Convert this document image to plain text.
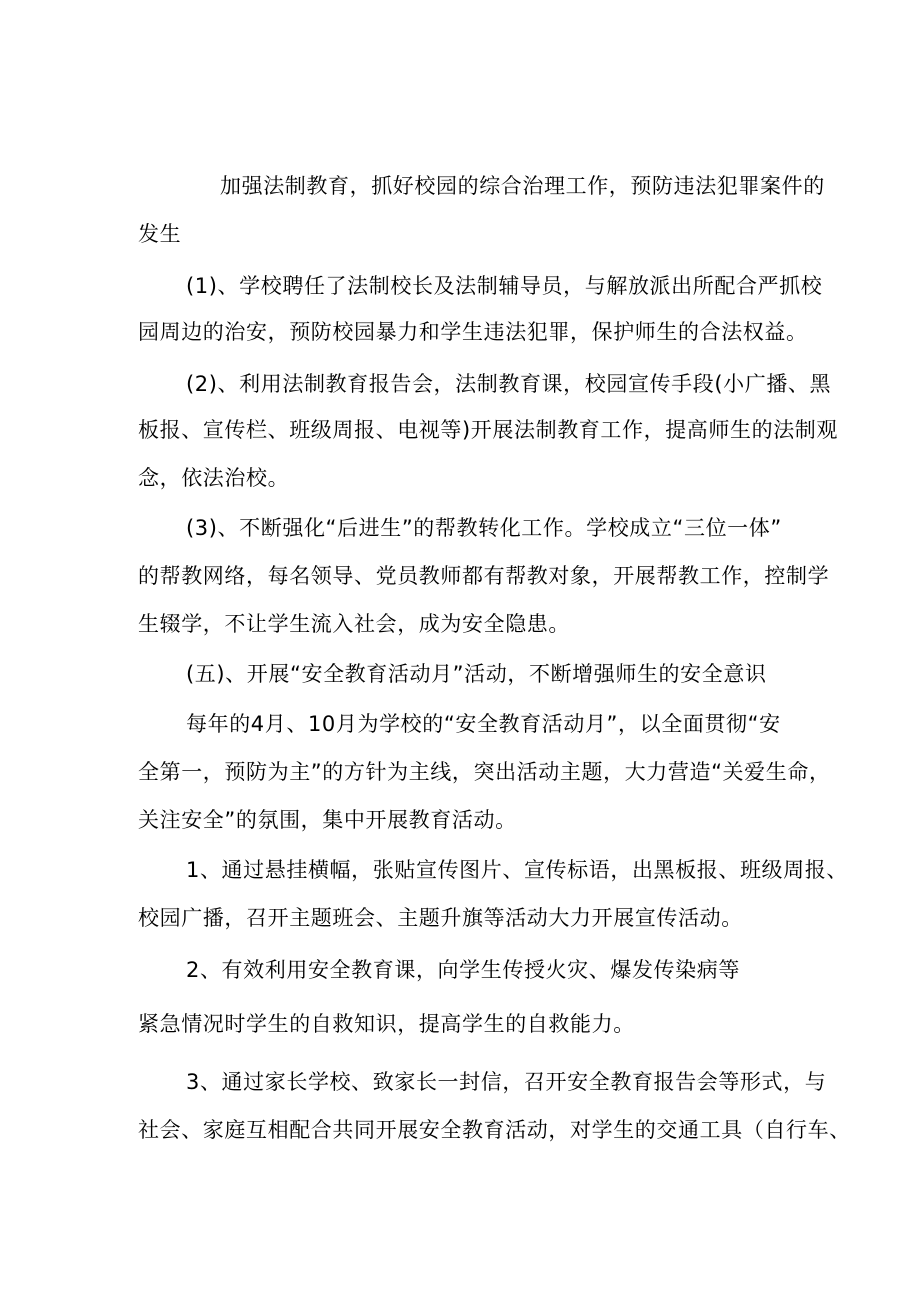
加强法制教育，抓好校园的综合治理工作，预防违法犯罪案件的
发生
(1)、学校聘任了法制校长及法制辅导员，与解放派出所配合严抓校
园周边的治安，预防校园暴力和学生违法犯罪，保护师生的合法权益。
(2)、利用法制教育报告会，法制教育课，校园宣传手段(小广播、黑
板报、宣传栏、班级周报、电视等)开展法制教育工作，提高师生的法制观
念，依法治校。
(3)、不断强化“后进生”的帮教转化工作。学校成立“三位一体”
的帮教网络，每名领导、党员教师都有帮教对象，开展帮教工作，控制学
生辍学，不让学生流入社会，成为安全隐患。
(五)、开展“安全教育活动月”活动，不断增强师生的安全意识
每年的4月、10月为学校的“安全教育活动月”，以全面贯彻“安
全第一，预防为主”的方针为主线，突出活动主题，大力营造“关爱生命，
关注安全”的氛围，集中开展教育活动。
1、通过悬挂横幅，张贴宣传图片、宣传标语，出黑板报、班级周报、
校园广播，召开主题班会、主题升旗等活动大力开展宣传活动。
2、有效利用安全教育课，向学生传授火灾、爆发传染病等
紧急情况时学生的自救知识，提高学生的自救能力。
3、通过家长学校、致家长一封信，召开安全教育报告会等形式，与
社会、家庭互相配合共同开展安全教育活动，对学生的交通工具（自行车、
